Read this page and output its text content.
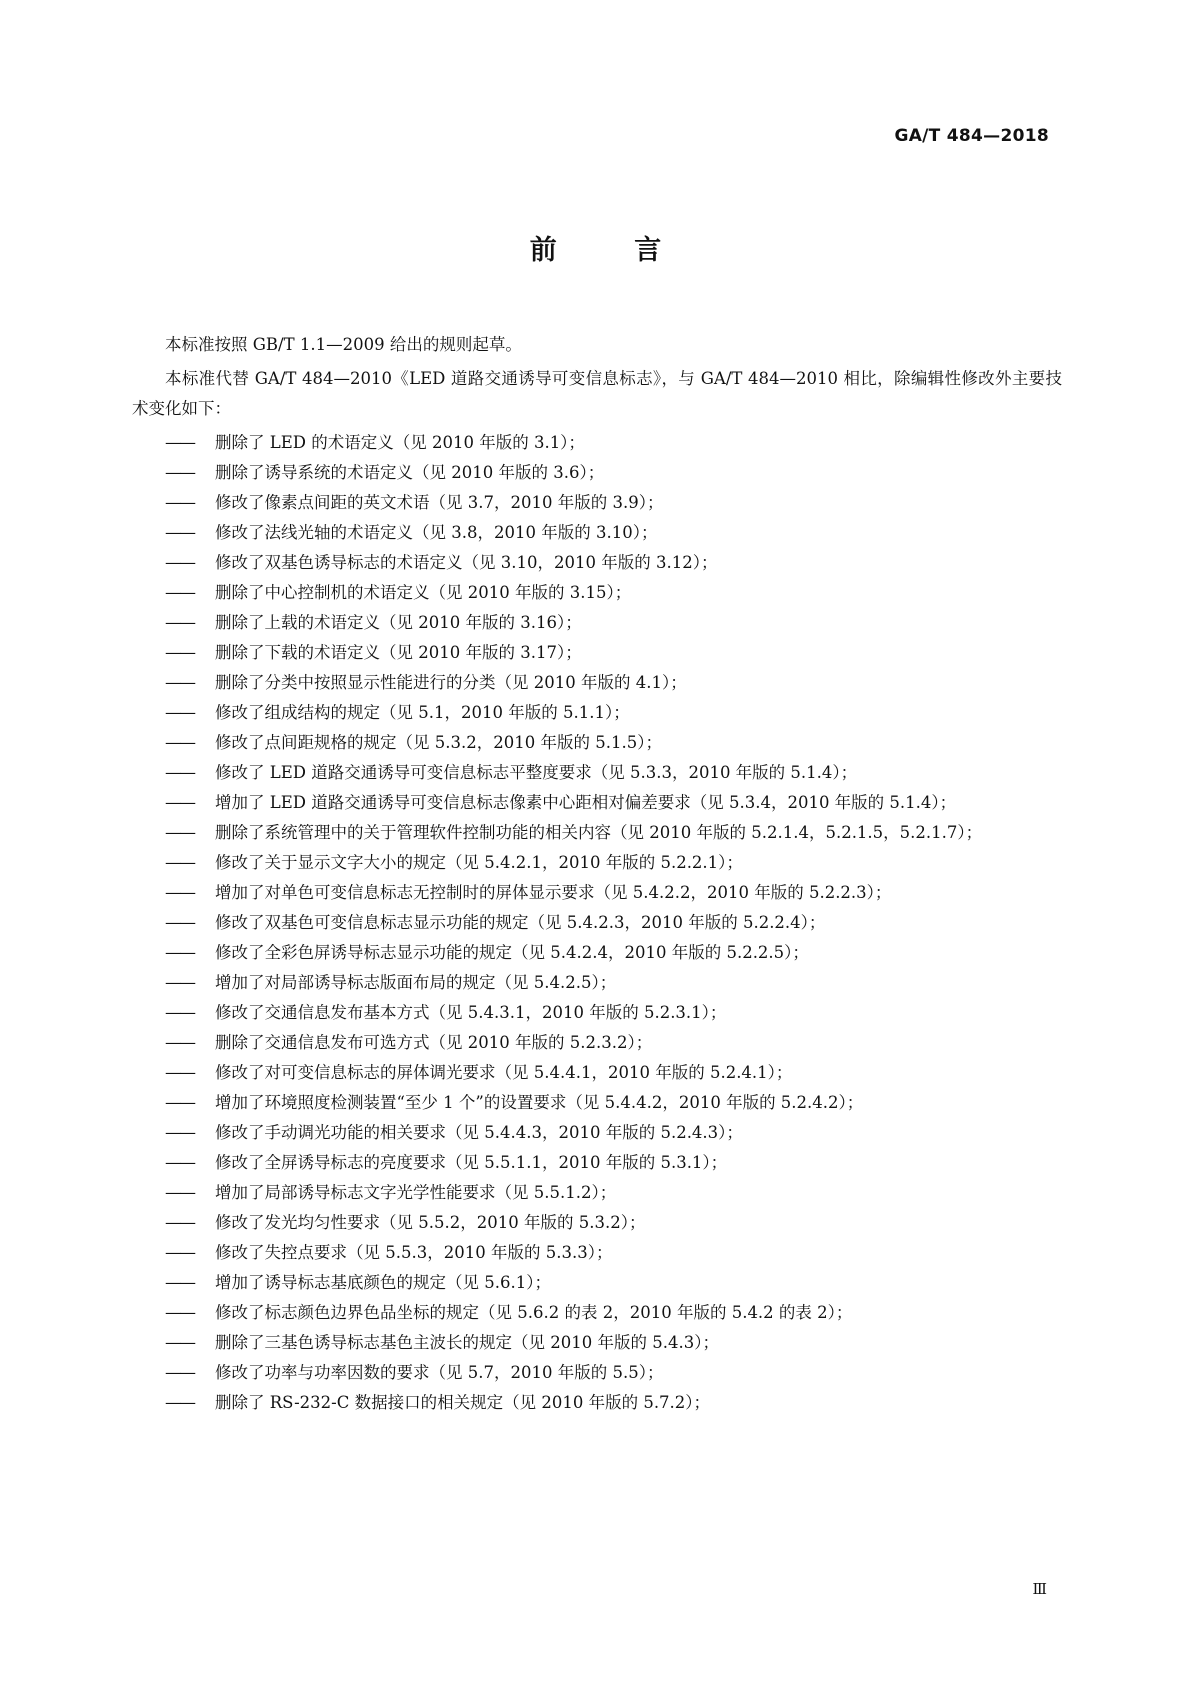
GA/T 484—2018
前 言

本标准按照 GB/T 1.1—2009 给出的规则起草。

本标准代替 GA/T 484—2010《LED 道路交通诱导可变信息标志》，与 GA/T 484—2010 相比，除编辑性修改外主要技术变化如下：

—— 删除了 LED 的术语定义（见 2010 年版的 3.1）；
—— 删除了诱导系统的术语定义（见 2010 年版的 3.6）；
—— 修改了像素点间距的英文术语（见 3.7，2010 年版的 3.9）；
—— 修改了法线光轴的术语定义（见 3.8，2010 年版的 3.10）；
—— 修改了双基色诱导标志的术语定义（见 3.10，2010 年版的 3.12）；
—— 删除了中心控制机的术语定义（见 2010 年版的 3.15）；
—— 删除了上载的术语定义（见 2010 年版的 3.16）；
—— 删除了下载的术语定义（见 2010 年版的 3.17）；
—— 删除了分类中按照显示性能进行的分类（见 2010 年版的 4.1）；
—— 修改了组成结构的规定（见 5.1，2010 年版的 5.1.1）；
—— 修改了点间距规格的规定（见 5.3.2，2010 年版的 5.1.5）；
—— 修改了 LED 道路交通诱导可变信息标志平整度要求（见 5.3.3，2010 年版的 5.1.4）；
—— 增加了 LED 道路交通诱导可变信息标志像素中心距相对偏差要求（见 5.3.4，2010 年版的 5.1.4）；
—— 删除了系统管理中的关于管理软件控制功能的相关内容（见 2010 年版的 5.2.1.4，5.2.1.5，5.2.1.7）；
—— 修改了关于显示文字大小的规定（见 5.4.2.1，2010 年版的 5.2.2.1）；
—— 增加了对单色可变信息标志无控制时的屏体显示要求（见 5.4.2.2，2010 年版的 5.2.2.3）；
—— 修改了双基色可变信息标志显示功能的规定（见 5.4.2.3，2010 年版的 5.2.2.4）；
—— 修改了全彩色屏诱导标志显示功能的规定（见 5.4.2.4，2010 年版的 5.2.2.5）；
—— 增加了对局部诱导标志版面布局的规定（见 5.4.2.5）；
—— 修改了交通信息发布基本方式（见 5.4.3.1，2010 年版的 5.2.3.1）；
—— 删除了交通信息发布可选方式（见 2010 年版的 5.2.3.2）；
—— 修改了对可变信息标志的屏体调光要求（见 5.4.4.1，2010 年版的 5.2.4.1）；
—— 增加了环境照度检测装置“至少 1 个”的设置要求（见 5.4.4.2，2010 年版的 5.2.4.2）；
—— 修改了手动调光功能的相关要求（见 5.4.4.3，2010 年版的 5.2.4.3）；
—— 修改了全屏诱导标志的亮度要求（见 5.5.1.1，2010 年版的 5.3.1）；
—— 增加了局部诱导标志文字光学性能要求（见 5.5.1.2）；
—— 修改了发光均匀性要求（见 5.5.2，2010 年版的 5.3.2）；
—— 修改了失控点要求（见 5.5.3，2010 年版的 5.3.3）；
—— 增加了诱导标志基底颜色的规定（见 5.6.1）；
—— 修改了标志颜色边界色品坐标的规定（见 5.6.2 的表 2，2010 年版的 5.4.2 的表 2）；
—— 删除了三基色诱导标志基色主波长的规定（见 2010 年版的 5.4.3）；
—— 修改了功率与功率因数的要求（见 5.7，2010 年版的 5.5）；
—— 删除了 RS-232-C 数据接口的相关规定（见 2010 年版的 5.7.2）；
Ⅲ
